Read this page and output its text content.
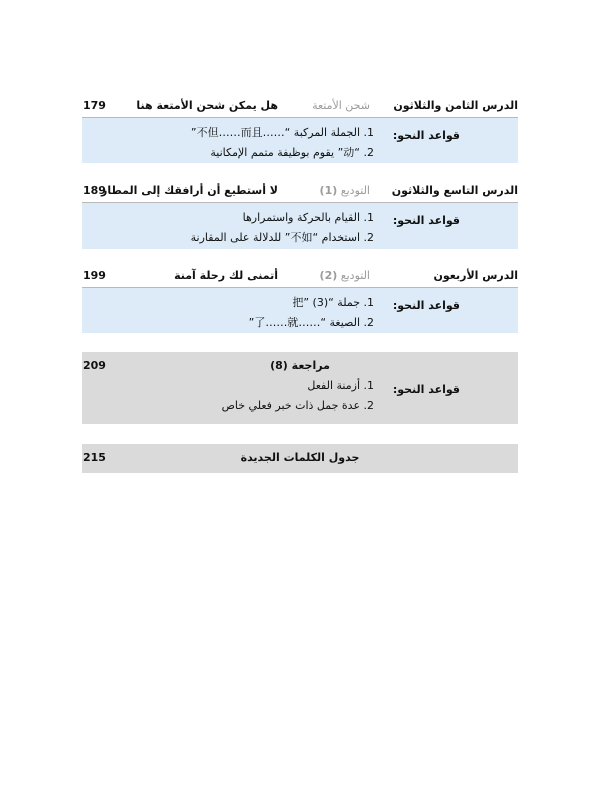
الدرس الثامن والثلاثون
شحن الأمتعة
هل يمكن شحن الأمتعة هنا
179
قواعد النحو:
1. الجملة المركبة “……不但……而且”
2. “动” يقوم بوظيفة متمم الإمكانية
الدرس التاسع والثلاثون
التوديع (1)
لا أستطيع أن أرافقك إلى المطار
189
قواعد النحو:
1. القيام بالحركة واستمرارها
2. استخدام “不如” للدلالة على المقارنة
الدرس الأربعون
التوديع (2)
أتمنى لك رحلة آمنة
199
قواعد النحو:
1. جملة “把” (3)
2. الصيغة “……了……就”
مراجعة (8)
209
قواعد النحو:
1. أزمنة الفعل
2. عدة جمل ذات خبر فعلي خاص
جدول الكلمات الجديدة
215
